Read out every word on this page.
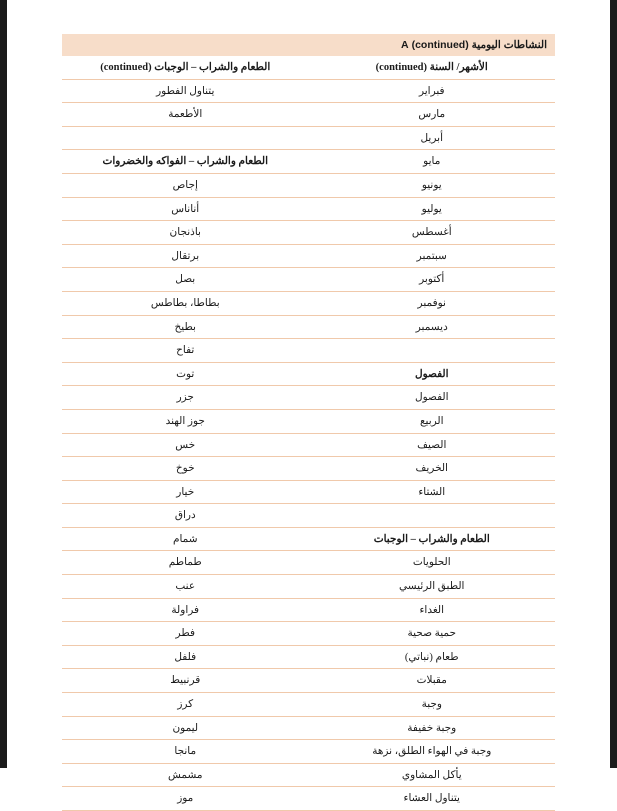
النشاطات اليومية (continued) A
الأشهر/ السنة (continued)
فبراير
مارس
أبريل
مايو
يونيو
يوليو
أغسطس
سبتمبر
أكتوبر
نوفمبر
ديسمبر
الفصول
الفصول
الربيع
الصيف
الخريف
الشتاء
الطعام والشراب – الوجبات
الحلويات
الطبق الرئيسي
الغداء
حمية صحية
طعام (نباتي)
مقبلات
وجبة
وجبة خفيفة
وجبة في الهواء الطلق، نزهة
يأكل المشاوي
يتناول العشاء
الطعام والشراب – الوجبات (continued)
يتناول الفطور
الأطعمة
الطعام والشراب – الفواكه والخضروات
إجاص
أناناس
باذنجان
برتقال
بصل
بطاطا، بطاطس
بطيخ
تفاح
توت
جزر
جوز الهند
خس
خوخ
خيار
دراق
شمام
طماطم
عنب
فراولة
فطر
فلفل
قرنبيط
كرز
ليمون
مانجا
مشمش
موز
